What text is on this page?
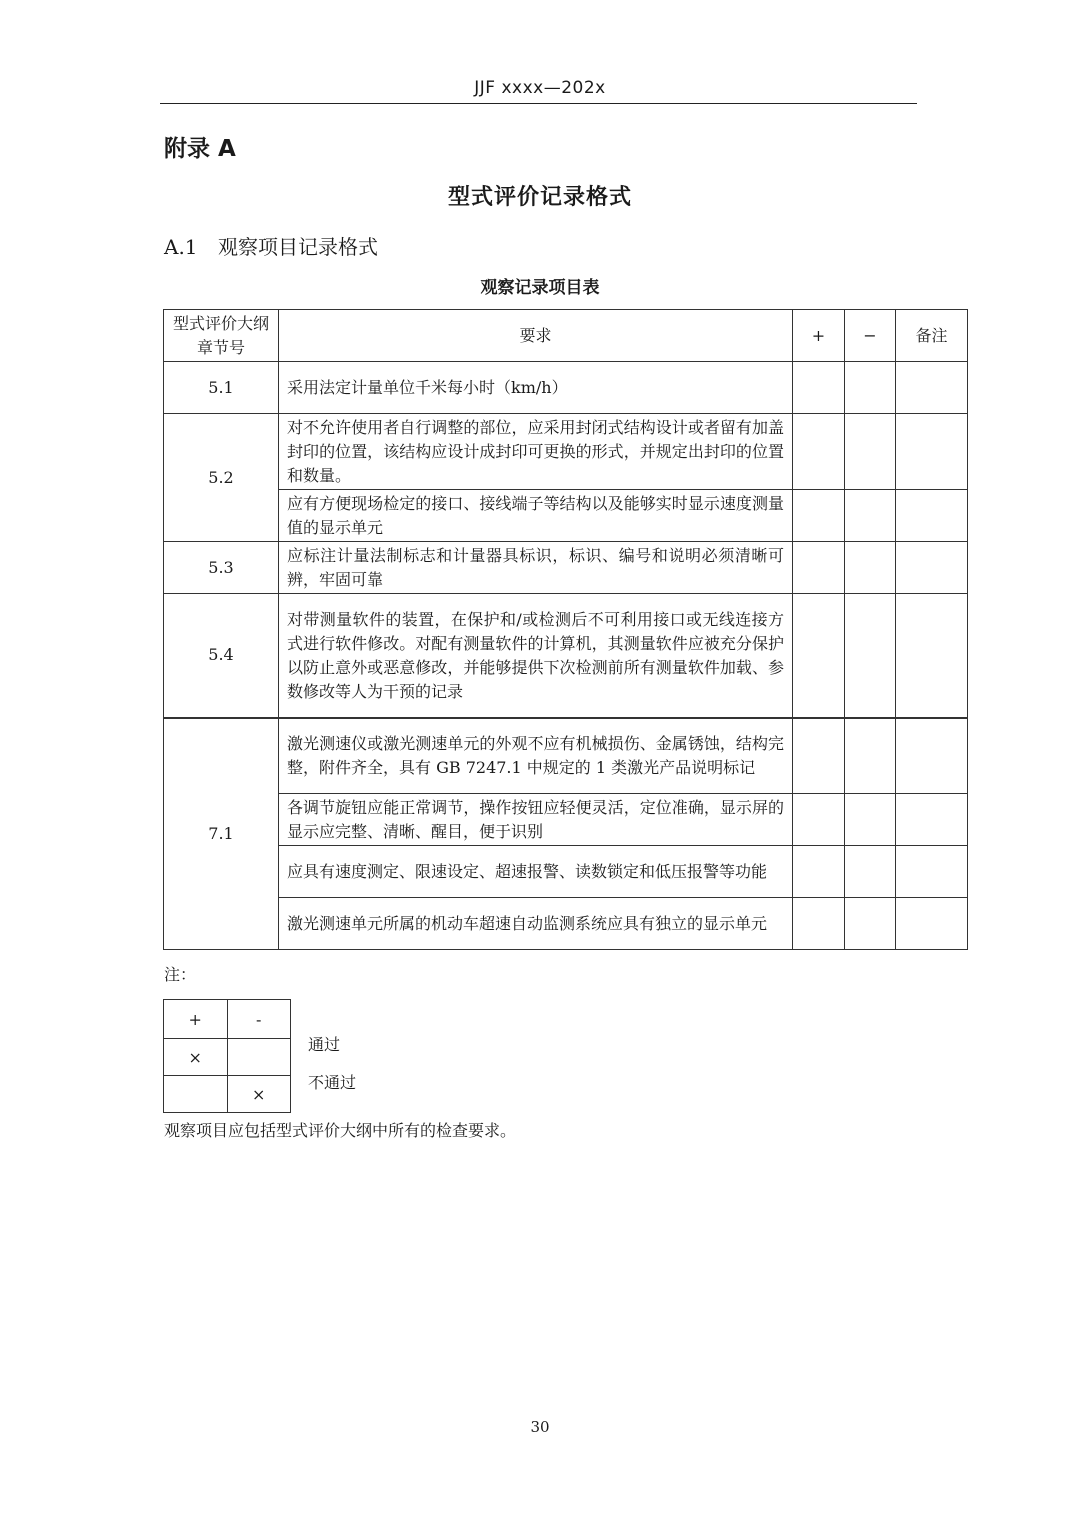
JJF xxxx—202x
附录 A
型式评价记录格式
A.1 观察项目记录格式
观察记录项目表
型式评价大纲章节号	要求	+	−	备注
5.1	采用法定计量单位千米每小时（km/h）			
5.2	对不允许使用者自行调整的部位，应采用封闭式结构设计或者留有加盖封印的位置，该结构应设计成封印可更换的形式，并规定出封印的位置和数量。			
	应有方便现场检定的接口、接线端子等结构以及能够实时显示速度测量值的显示单元			
5.3	应标注计量法制标志和计量器具标识，标识、编号和说明必须清晰可辨，牢固可靠			
5.4	对带测量软件的装置，在保护和/或检测后不可利用接口或无线连接方式进行软件修改。对配有测量软件的计算机，其测量软件应被充分保护以防止意外或恶意修改，并能够提供下次检测前所有测量软件加载、参数修改等人为干预的记录			
7.1	激光测速仪或激光测速单元的外观不应有机械损伤、金属锈蚀，结构完整，附件齐全，具有 GB 7247.1 中规定的 1 类激光产品说明标记			
	各调节旋钮应能正常调节，操作按钮应轻便灵活，定位准确，显示屏的显示应完整、清晰、醒目，便于识别			
	应具有速度测定、限速设定、超速报警、读数锁定和低压报警等功能			
	激光测速单元所属的机动车超速自动监测系统应具有独立的显示单元			
注：
+	-
×	
	×
通过
不通过
观察项目应包括型式评价大纲中所有的检查要求。
30
